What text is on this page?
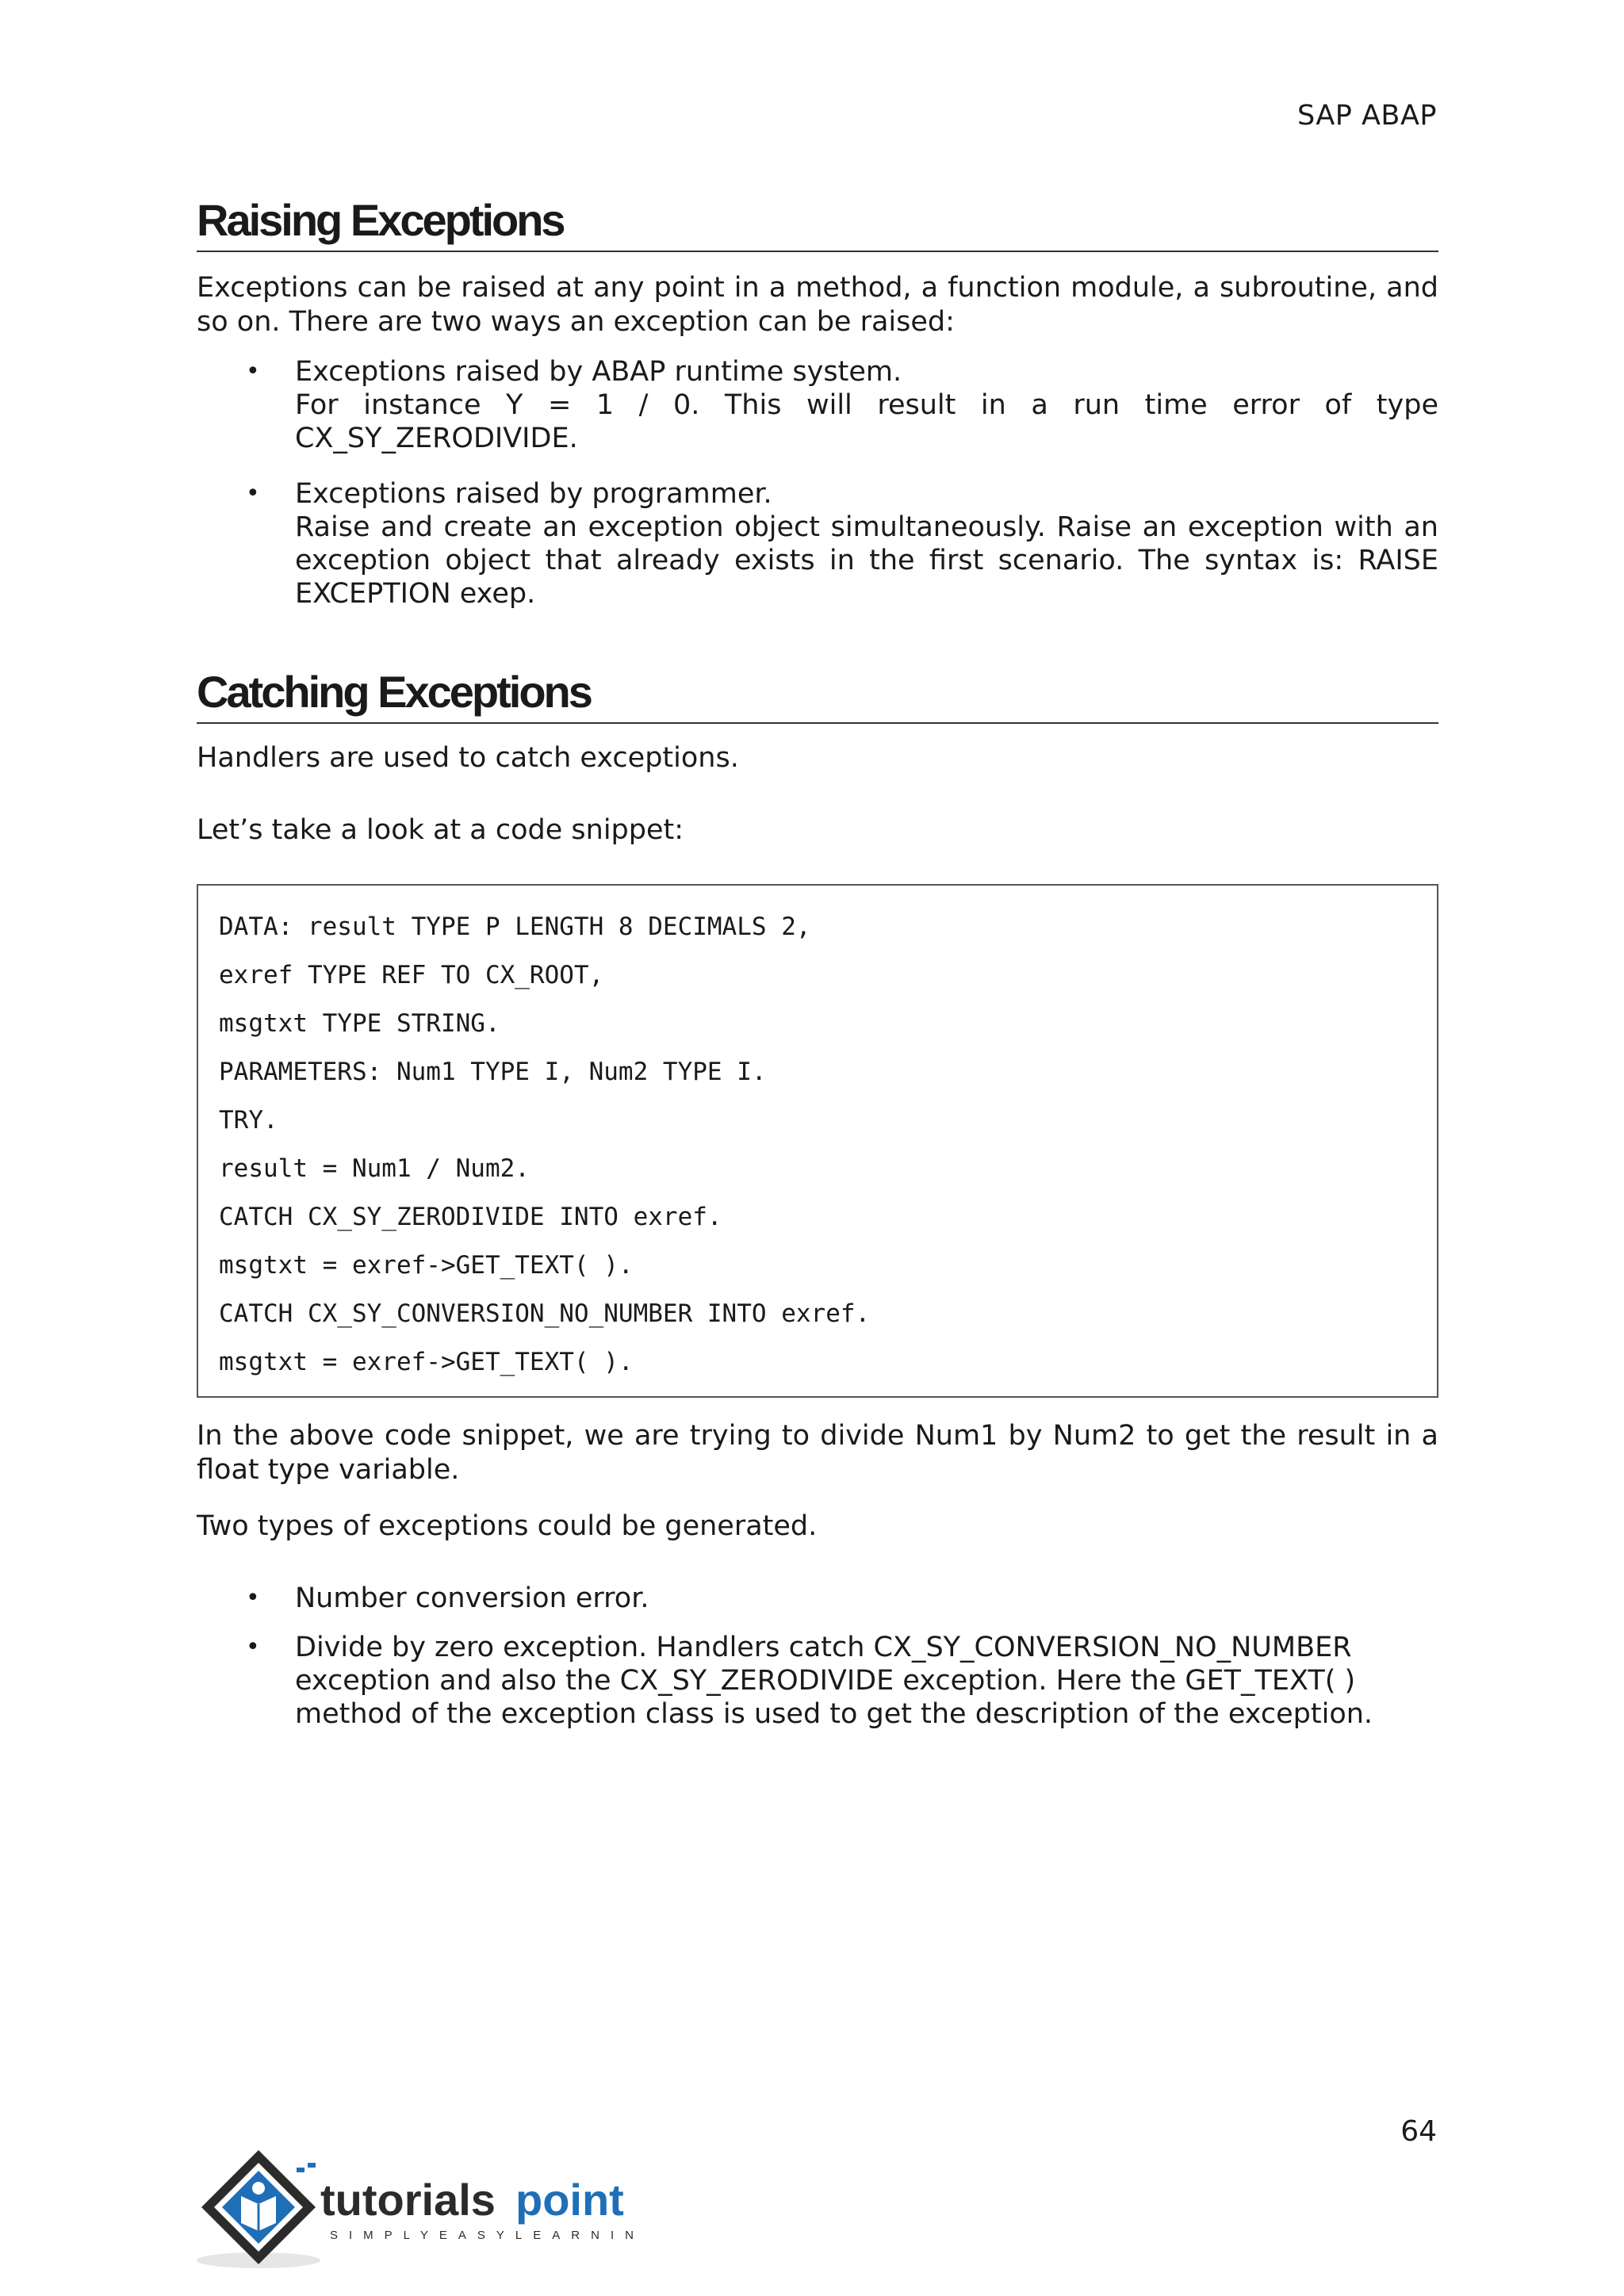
SAP ABAP
Raising Exceptions

Exceptions can be raised at any point in a method, a function module, a subroutine, and so on. There are two ways an exception can be raised:

• Exceptions raised by ABAP runtime system.
For instance Y = 1 / 0. This will result in a run time error of type CX_SY_ZERODIVIDE.
• Exceptions raised by programmer.
Raise and create an exception object simultaneously. Raise an exception with an exception object that already exists in the first scenario. The syntax is: RAISE EXCEPTION exep.
Catching Exceptions

Handlers are used to catch exceptions.

Let’s take a look at a code snippet:

DATA: result TYPE P LENGTH 8 DECIMALS 2,
exref TYPE REF TO CX_ROOT,
msgtxt TYPE STRING.
PARAMETERS: Num1 TYPE I, Num2 TYPE I.
TRY.
result = Num1 / Num2.
CATCH CX_SY_ZERODIVIDE INTO exref.
msgtxt = exref->GET_TEXT( ).
CATCH CX_SY_CONVERSION_NO_NUMBER INTO exref.
msgtxt = exref->GET_TEXT( ).

In the above code snippet, we are trying to divide Num1 by Num2 to get the result in a float type variable.

Two types of exceptions could be generated.

• Number conversion error.
• Divide by zero exception. Handlers catch CX_SY_CONVERSION_NO_NUMBER exception and also the CX_SY_ZERODIVIDE exception. Here the GET_TEXT( ) method of the exception class is used to get the description of the exception.
64
tutorials point
SIMPLYEASYLEARNING
